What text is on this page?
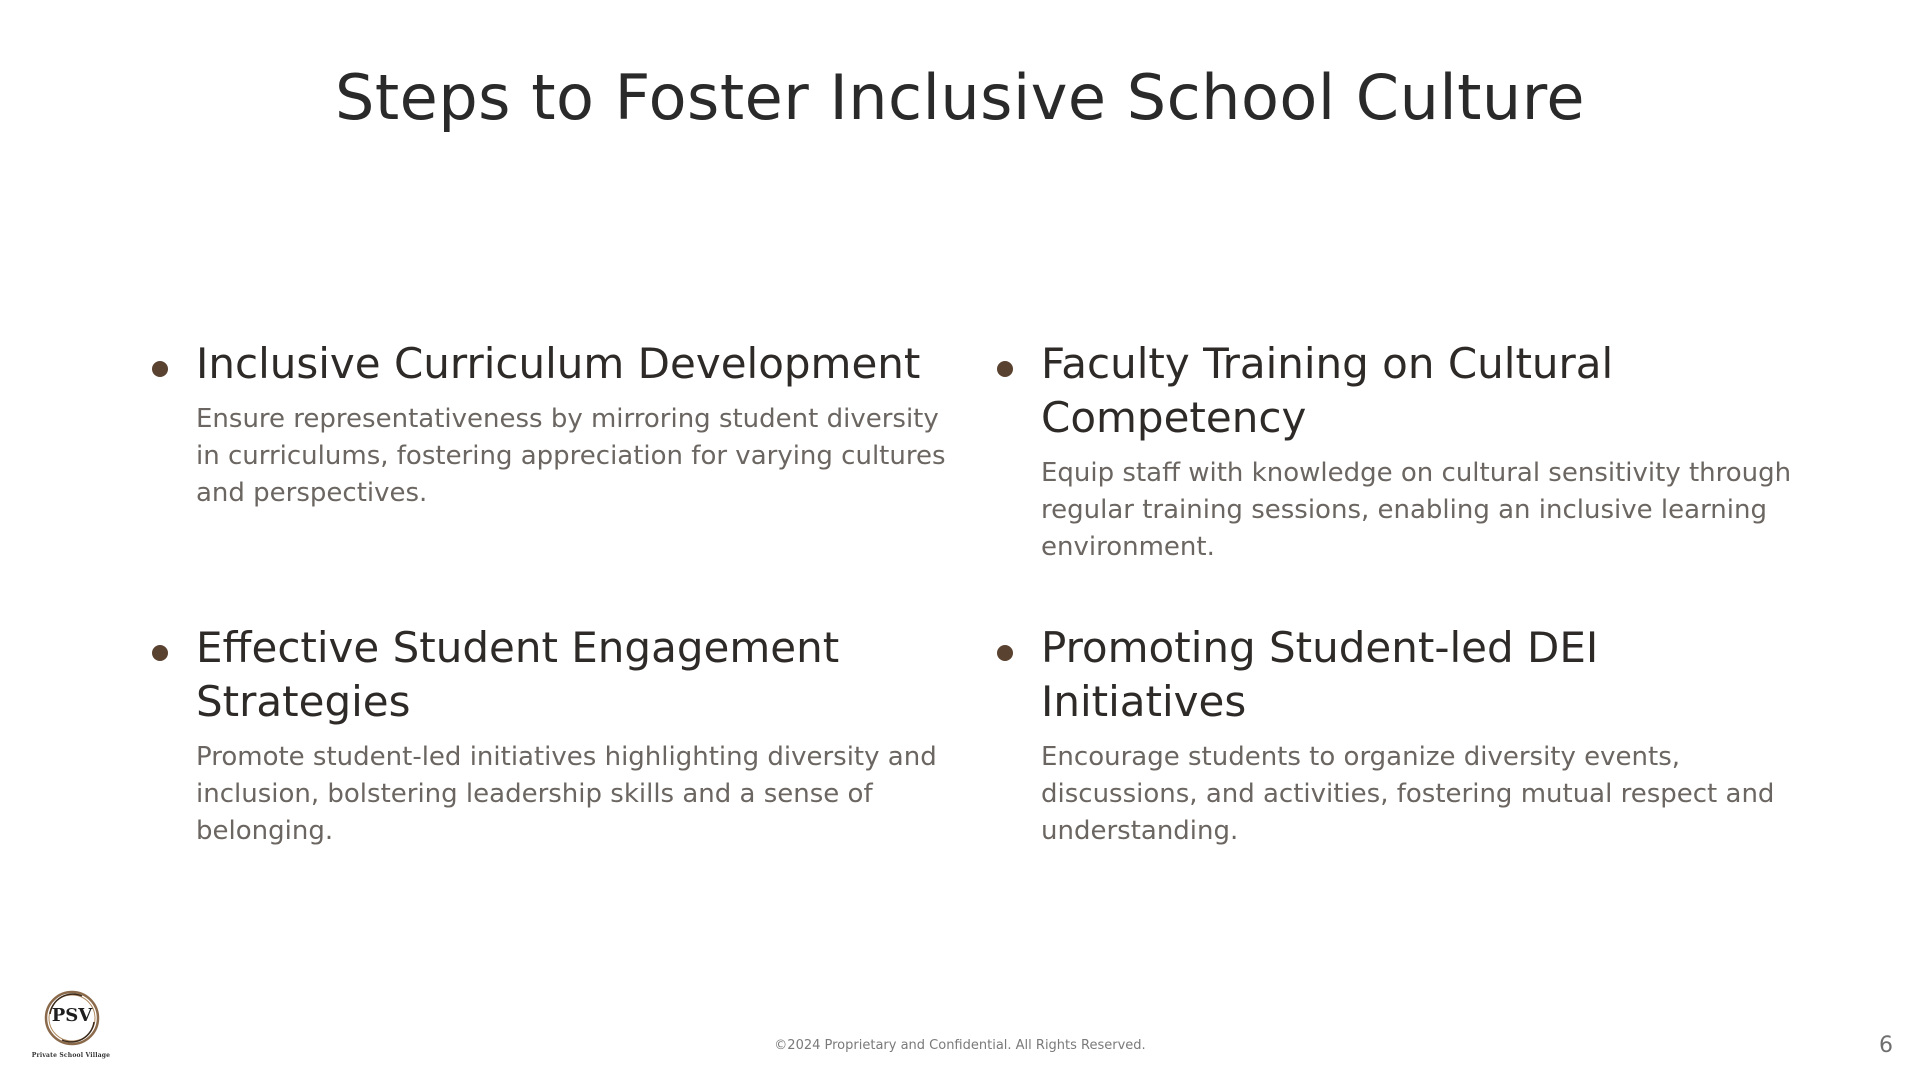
Steps to Foster Inclusive School Culture

Inclusive Curriculum Development

Ensure representativeness by mirroring student diversity in curriculums, fostering appreciation for varying cultures and perspectives.

Faculty Training on Cultural Competency

Equip staff with knowledge on cultural sensitivity through regular training sessions, enabling an inclusive learning environment.

Effective Student Engagement Strategies

Promote student-led initiatives highlighting diversity and inclusion, bolstering leadership skills and a sense of belonging.

Promoting Student-led DEI Initiatives

Encourage students to organize diversity events, discussions, and activities, fostering mutual respect and understanding.

PSV
Private School Village
©2024 Proprietary and Confidential. All Rights Reserved.	6
